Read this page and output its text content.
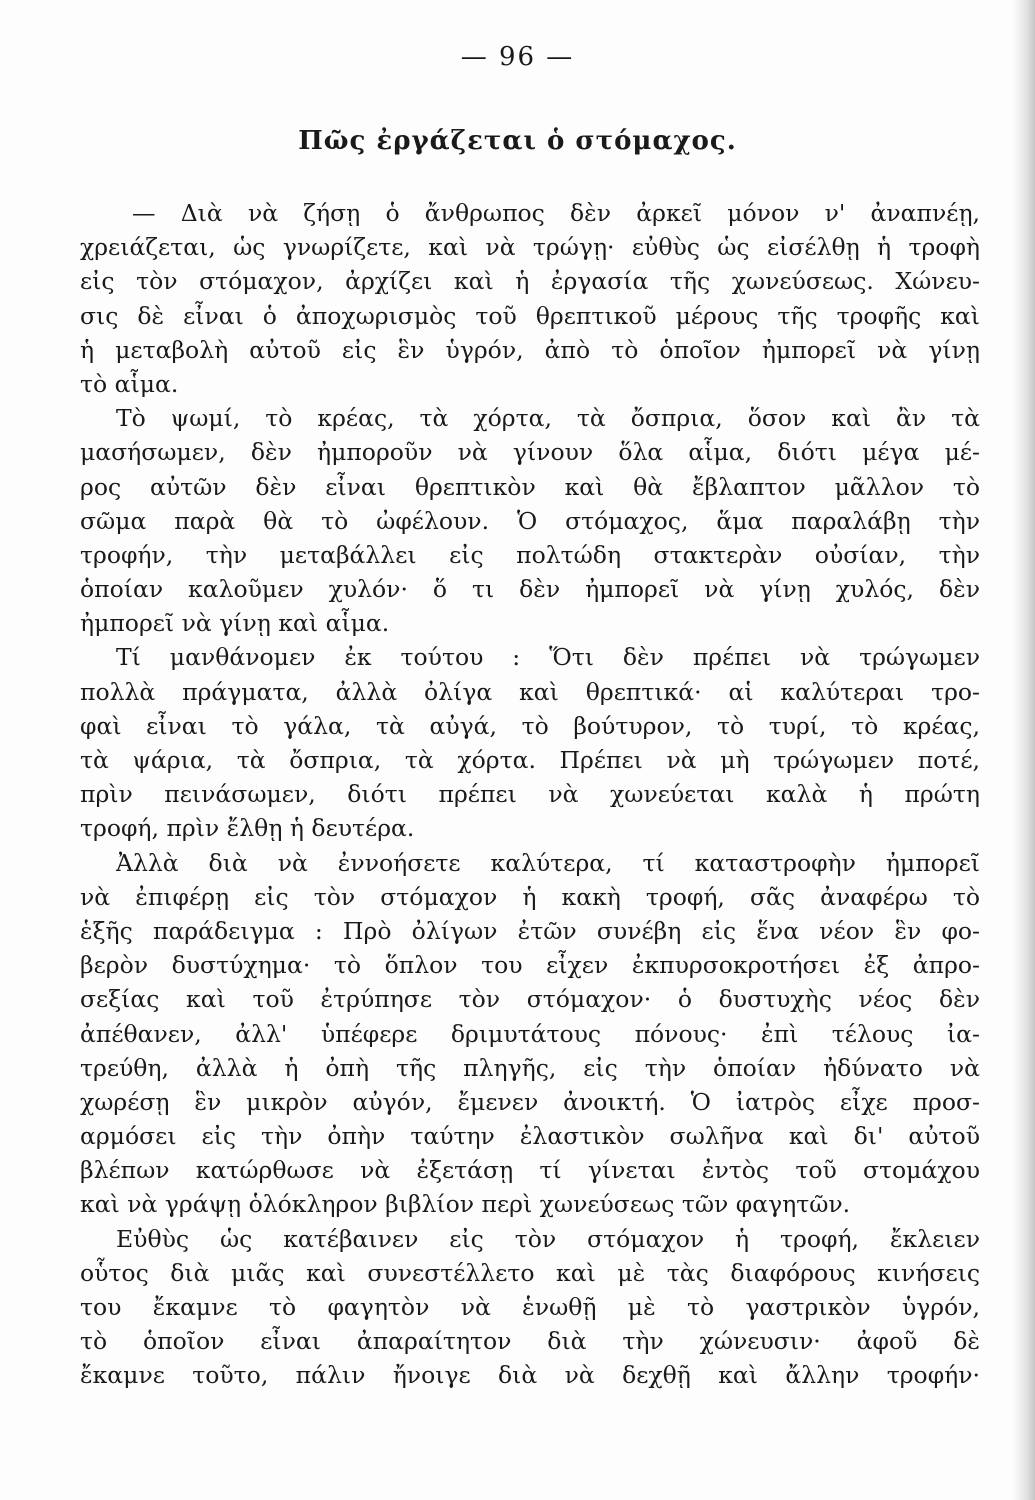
— 96 —
Πῶς ἐργάζεται ὁ στόμαχος.
— Διὰ νὰ ζήσῃ ὁ ἄνθρωπος δὲν ἀρκεῖ μόνον ν' ἀναπνέῃ,
χρειάζεται, ὡς γνωρίζετε, καὶ νὰ τρώγῃ· εὐθὺς ὡς εἰσέλθῃ ἡ τροφὴ
εἰς τὸν στόμαχον, ἀρχίζει καὶ ἡ ἐργασία τῆς χωνεύσεως. Χώνευ-
σις δὲ εἶναι ὁ ἀποχωρισμὸς τοῦ θρεπτικοῦ μέρους τῆς τροφῆς καὶ
ἡ μεταβολὴ αὐτοῦ εἰς ἓν ὑγρόν, ἀπὸ τὸ ὁποῖον ἠμπορεῖ νὰ γίνῃ
τὸ αἷμα.
Τὸ ψωμί, τὸ κρέας, τὰ χόρτα, τὰ ὄσπρια, ὅσον καὶ ἂν τὰ
μασήσωμεν, δὲν ἠμποροῦν νὰ γίνουν ὅλα αἷμα, διότι μέγα μέ-
ρος αὐτῶν δὲν εἶναι θρεπτικὸν καὶ θὰ ἔβλαπτον μᾶλλον τὸ
σῶμα παρὰ θὰ τὸ ὠφέλουν. Ὁ στόμαχος, ἅμα παραλάβῃ τὴν
τροφήν, τὴν μεταβάλλει εἰς πολτώδη στακτερὰν οὐσίαν, τὴν
ὁποίαν καλοῦμεν χυλόν· ὅ τι δὲν ἠμπορεῖ νὰ γίνῃ χυλός, δὲν
ἠμπορεῖ νὰ γίνῃ καὶ αἷμα.
Τί μανθάνομεν ἐκ τούτου : Ὅτι δὲν πρέπει νὰ τρώγωμεν
πολλὰ πράγματα, ἀλλὰ ὀλίγα καὶ θρεπτικά· αἱ καλύτεραι τρο-
φαὶ εἶναι τὸ γάλα, τὰ αὐγά, τὸ βούτυρον, τὸ τυρί, τὸ κρέας,
τὰ ψάρια, τὰ ὄσπρια, τὰ χόρτα. Πρέπει νὰ μὴ τρώγωμεν ποτέ,
πρὶν πεινάσωμεν, διότι πρέπει νὰ χωνεύεται καλὰ ἡ πρώτη
τροφή, πρὶν ἔλθῃ ἡ δευτέρα.
Ἀλλὰ διὰ νὰ ἐννοήσετε καλύτερα, τί καταστροφὴν ἠμπορεῖ
νὰ ἐπιφέρῃ εἰς τὸν στόμαχον ἡ κακὴ τροφή, σᾶς ἀναφέρω τὸ
ἑξῆς παράδειγμα : Πρὸ ὀλίγων ἐτῶν συνέβη εἰς ἕνα νέον ἓν φο-
βερὸν δυστύχημα· τὸ ὅπλον του εἶχεν ἐκπυρσοκροτήσει ἐξ ἀπρο-
σεξίας καὶ τοῦ ἐτρύπησε τὸν στόμαχον· ὁ δυστυχὴς νέος δὲν
ἀπέθανεν, ἀλλ' ὑπέφερε δριμυτάτους πόνους· ἐπὶ τέλους ἰα-
τρεύθη, ἀλλὰ ἡ ὀπὴ τῆς πληγῆς, εἰς τὴν ὁποίαν ἠδύνατο νὰ
χωρέσῃ ἓν μικρὸν αὐγόν, ἔμενεν ἀνοικτή. Ὁ ἰατρὸς εἶχε προσ-
αρμόσει εἰς τὴν ὀπὴν ταύτην ἐλαστικὸν σωλῆνα καὶ δι' αὐτοῦ
βλέπων κατώρθωσε νὰ ἐξετάσῃ τί γίνεται ἐντὸς τοῦ στομάχου
καὶ νὰ γράψῃ ὁλόκληρον βιβλίον περὶ χωνεύσεως τῶν φαγητῶν.
Εὐθὺς ὡς κατέβαινεν εἰς τὸν στόμαχον ἡ τροφή, ἔκλειεν
οὗτος διὰ μιᾶς καὶ συνεστέλλετο καὶ μὲ τὰς διαφόρους κινήσεις
του ἔκαμνε τὸ φαγητὸν νὰ ἑνωθῇ μὲ τὸ γαστρικὸν ὑγρόν,
τὸ ὁποῖον εἶναι ἀπαραίτητον διὰ τὴν χώνευσιν· ἀφοῦ δὲ
ἔκαμνε τοῦτο, πάλιν ἤνοιγε διὰ νὰ δεχθῇ καὶ ἄλλην τροφήν·
